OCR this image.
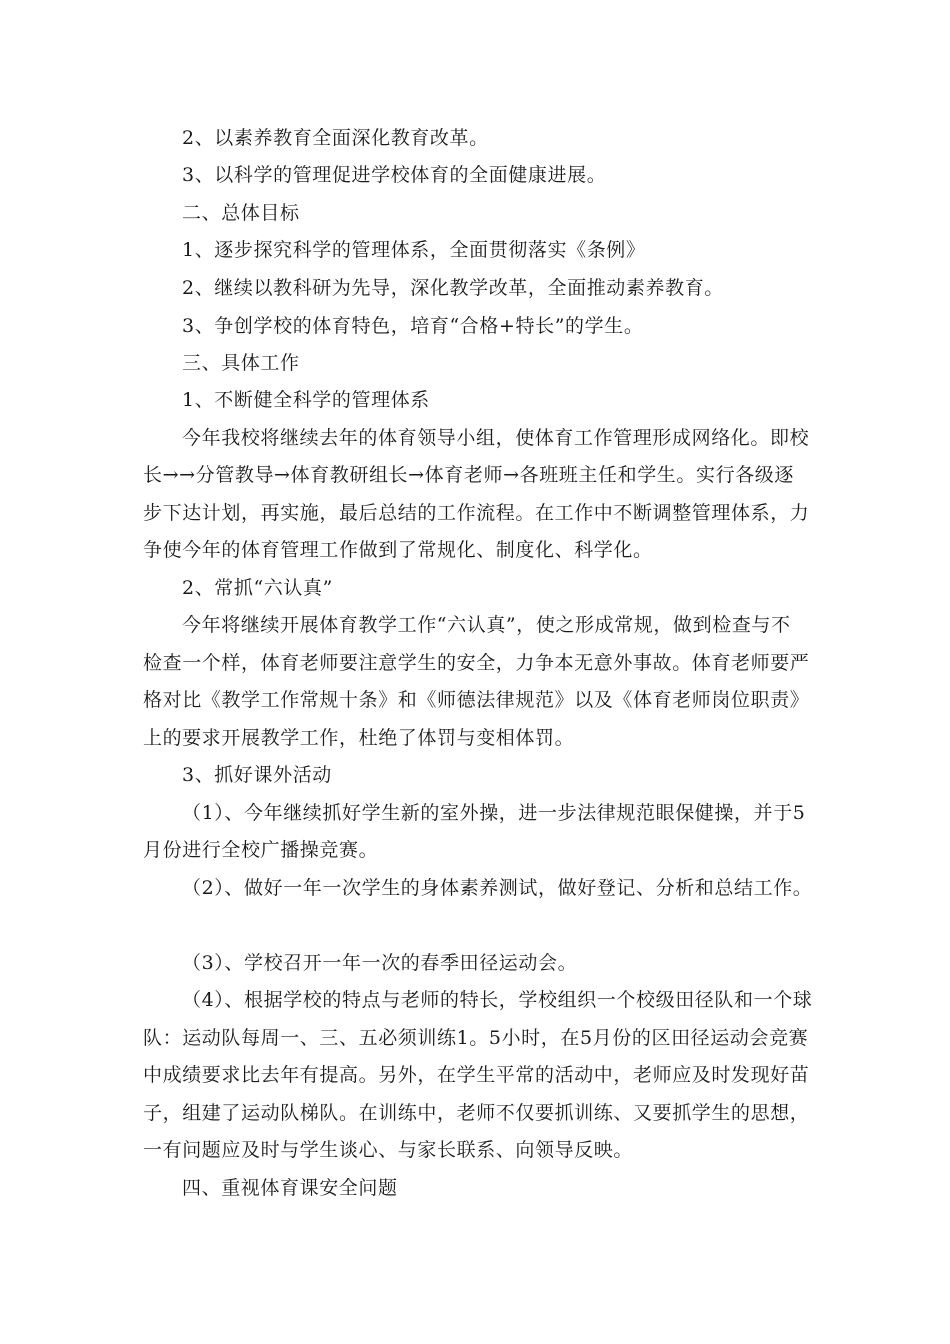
2、以素养教育全面深化教育改革。
3、以科学的管理促进学校体育的全面健康进展。
二、总体目标
1、逐步探究科学的管理体系，全面贯彻落实《条例》
2、继续以教科研为先导，深化教学改革，全面推动素养教育。
3、争创学校的体育特色，培育“合格+特长”的学生。
三、具体工作
1、不断健全科学的管理体系
今年我校将继续去年的体育领导小组，使体育工作管理形成网络化。即校
长→→分管教导→体育教研组长→体育老师→各班班主任和学生。实行各级逐
步下达计划，再实施，最后总结的工作流程。在工作中不断调整管理体系，力
争使今年的体育管理工作做到了常规化、制度化、科学化。
2、常抓“六认真”
今年将继续开展体育教学工作“六认真”，使之形成常规，做到检查与不
检查一个样，体育老师要注意学生的安全，力争本无意外事故。体育老师要严
格对比《教学工作常规十条》和《师德法律规范》以及《体育老师岗位职责》
上的要求开展教学工作，杜绝了体罚与变相体罚。
3、抓好课外活动
（1）、今年继续抓好学生新的室外操，进一步法律规范眼保健操，并于5
月份进行全校广播操竞赛。
（2）、做好一年一次学生的身体素养测试，做好登记、分析和总结工作。
（3）、学校召开一年一次的春季田径运动会。
（4）、根据学校的特点与老师的特长，学校组织一个校级田径队和一个球
队：运动队每周一、三、五必须训练1。5小时，在5月份的区田径运动会竞赛
中成绩要求比去年有提高。另外，在学生平常的活动中，老师应及时发现好苗
子，组建了运动队梯队。在训练中，老师不仅要抓训练、又要抓学生的思想，
一有问题应及时与学生谈心、与家长联系、向领导反映。
四、重视体育课安全问题
